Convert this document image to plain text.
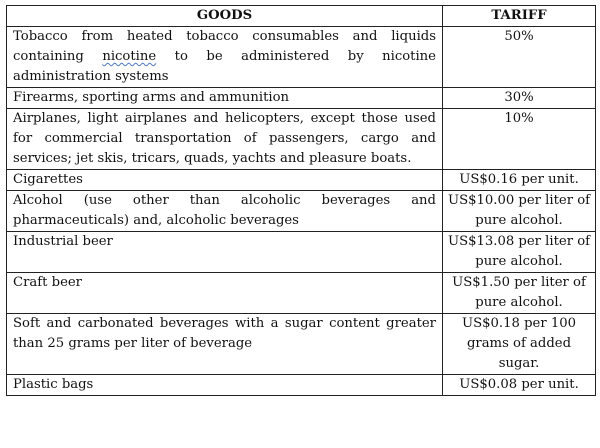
GOODS	TARIFF
Tobacco from heated tobacco consumables and liquids containing nicotine to be administered by nicotine administration systems	50%
Firearms, sporting arms and ammunition	30%
Airplanes, light airplanes and helicopters, except those used for commercial transportation of passengers, cargo and services; jet skis, tricars, quads, yachts and pleasure boats.	10%
Cigarettes	US$0.16 per unit.
Alcohol (use other than alcoholic beverages and pharmaceuticals) and, alcoholic beverages	US$10.00 per liter of pure alcohol.
Industrial beer	US$13.08 per liter of pure alcohol.
Craft beer	US$1.50 per liter of pure alcohol.
Soft and carbonated beverages with a sugar content greater than 25 grams per liter of beverage	US$0.18 per 100 grams of added sugar.
Plastic bags	US$0.08 per unit.
